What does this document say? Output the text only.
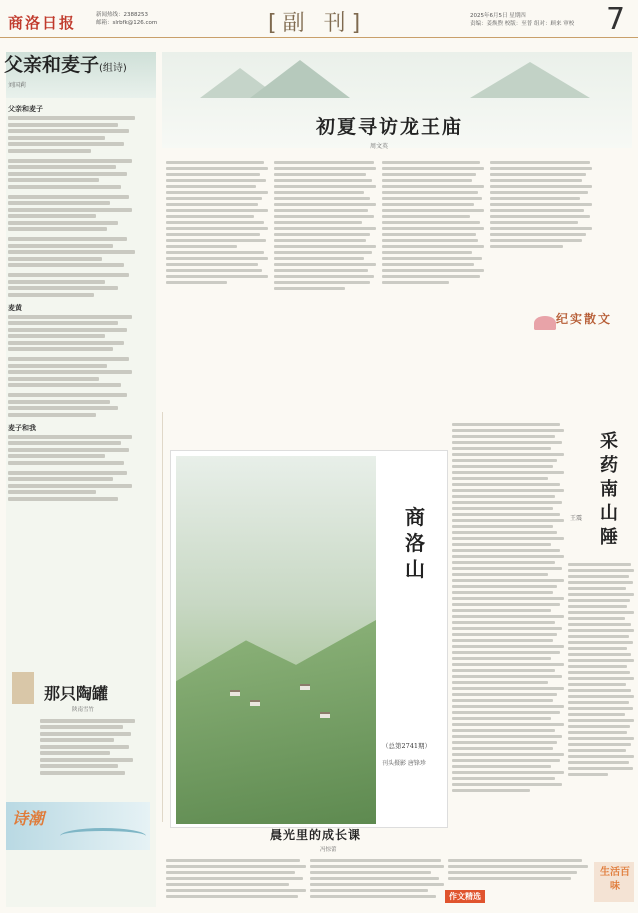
商洛日报	新闻热线：2388253
邮箱：slrbfk@126.com	[副 刊]	2025年6月5日 星期四
责编：姜焕煦 校版：至普 组对：顾来 审校 7
父亲和麦子(组诗)
刘国莉
父亲和麦子
麦黄
麦子和我
那只陶罐
陕南雪竹
诗潮
初夏寻访龙王庙
周文英
纪实散文
商洛山
（总第2741期）
刊头摄影 唐锋珍
采药南山陲
王震
晨光里的成长课
冯惊蕾
作文精选
生活百味
